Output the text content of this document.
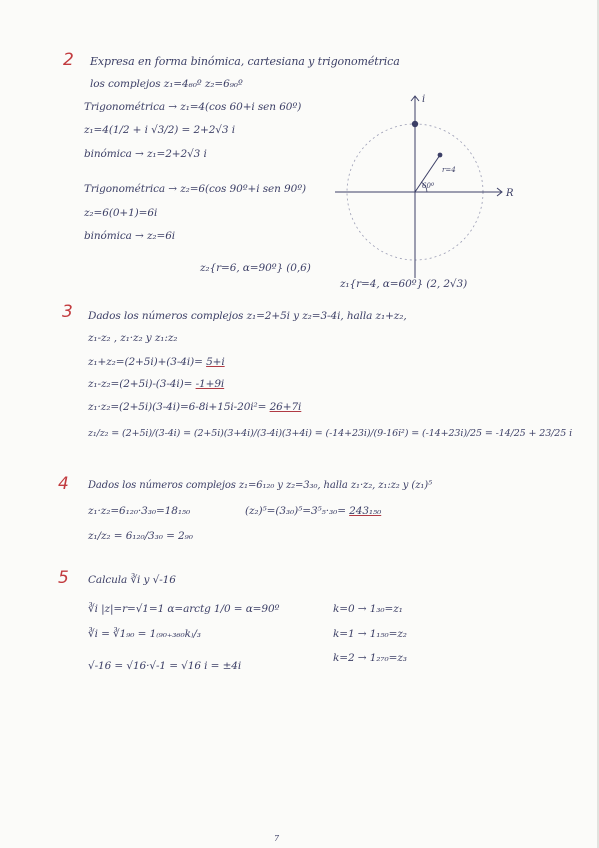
2 Expresa en forma binómica, cartesiana y trigonométrica
los complejos z₁=4₆₀º z₂=6₉₀º
Trigonométrica → z₁=4(cos 60+i sen 60º)
z₁=4(1/2 + i √3/2) = 2+2√3 i
binómica → z₁=2+2√3 i
Trigonométrica → z₂=6(cos 90º+i sen 90º)
z₂=6(0+1)=6i
binómica → z₂=6i
z₂{r=6, α=90º} (0,6)
R
i
r=4
60º
z₁{r=4, α=60º} (2, 2√3)
3 Dados los números complejos z₁=2+5i y z₂=3-4i, halla z₁+z₂,
z₁-z₂ , z₁·z₂ y z₁:z₂
z₁+z₂=(2+5i)+(3-4i)= 5+i
z₁-z₂=(2+5i)-(3-4i)= -1+9i
z₁·z₂=(2+5i)(3-4i)=6-8i+15i-20i²= 26+7i
z₁/z₂ = (2+5i)/(3-4i) = (2+5i)(3+4i)/(3-4i)(3+4i) = (-14+23i)/(9-16i²) = (-14+23i)/25 = -14/25 + 23/25 i
4 Dados los números complejos z₁=6₁₂₀ y z₂=3₃₀, halla z₁·z₂, z₁:z₂ y (z₁)⁵
z₁·z₂=6₁₂₀·3₃₀=18₁₅₀	(z₂)⁵=(3₃₀)⁵=3⁵₅·₃₀= 243₁₅₀
z₁/z₂ = 6₁₂₀/3₃₀ = 2₉₀
5 Calcula ∛i y √-16
∛i |z|=r=√1=1 α=arctg 1/0 = α=90º
∛i = ∛1₉₀ = 1₍₉₀₊₃₆₀k₎/₃
k=0 → 1₃₀=z₁
k=1 → 1₁₅₀=z₂
k=2 → 1₂₇₀=z₃
√-16 = √16·√-1 = √16 i = ±4i
7
